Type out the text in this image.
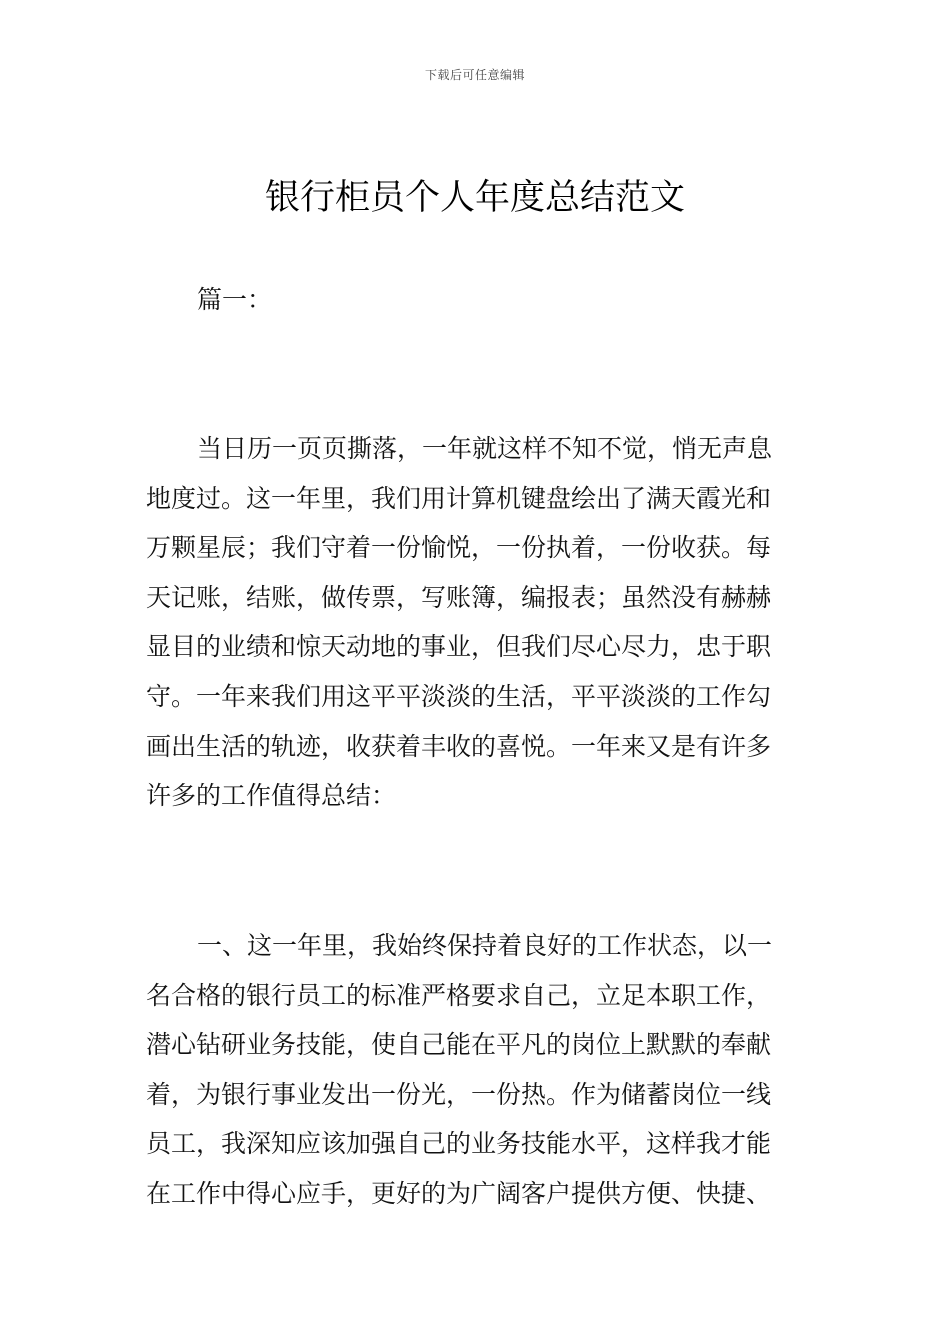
下载后可任意编辑
银行柜员个人年度总结范文
篇一：
当日历一页页撕落，一年就这样不知不觉，悄无声息
地度过。这一年里，我们用计算机键盘绘出了满天霞光和
万颗星辰；我们守着一份愉悦，一份执着，一份收获。每
天记账，结账，做传票，写账簿，编报表；虽然没有赫赫
显目的业绩和惊天动地的事业，但我们尽心尽力，忠于职
守。一年来我们用这平平淡淡的生活，平平淡淡的工作勾
画出生活的轨迹，收获着丰收的喜悦。一年来又是有许多
许多的工作值得总结：
一、这一年里，我始终保持着良好的工作状态，以一
名合格的银行员工的标准严格要求自己，立足本职工作，
潜心钻研业务技能，使自己能在平凡的岗位上默默的奉献
着，为银行事业发出一份光，一份热。作为储蓄岗位一线
员工，我深知应该加强自己的业务技能水平，这样我才能
在工作中得心应手，更好的为广阔客户提供方便、快捷、
